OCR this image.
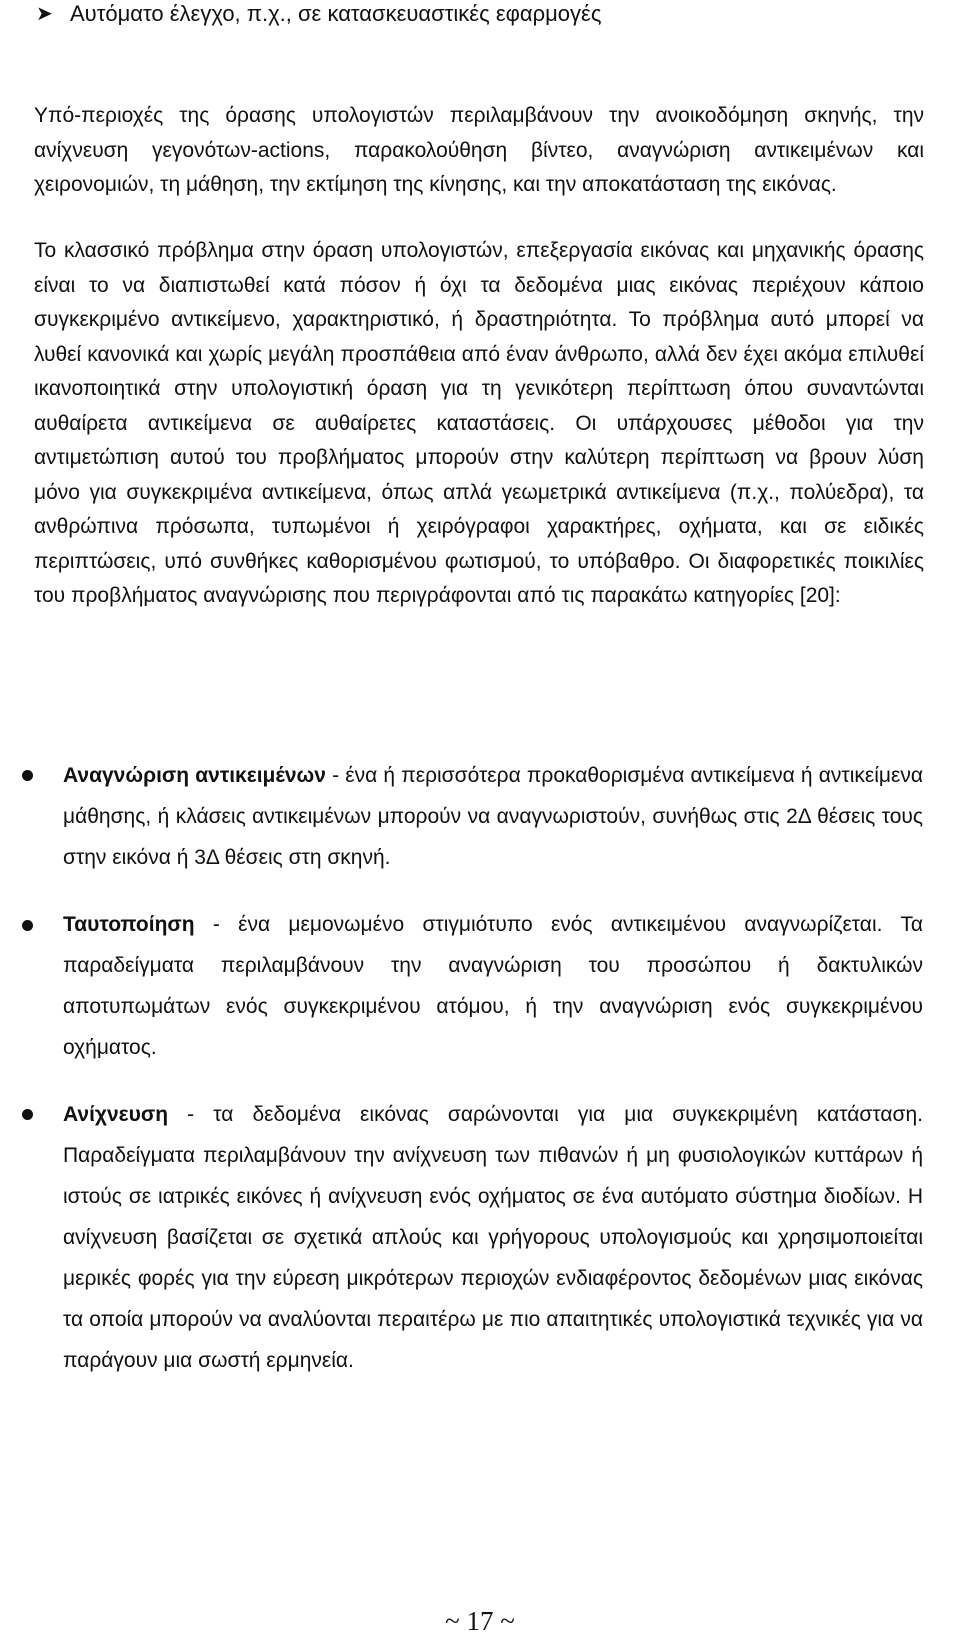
➤ Αυτόματο έλεγχο, π.χ., σε κατασκευαστικές εφαρμογές

Υπό-περιοχές της όρασης υπολογιστών περιλαμβάνουν την ανοικοδόμηση σκηνής, την ανίχνευση γεγονότων-actions, παρακολούθηση βίντεο, αναγνώριση αντικειμένων και χειρονομιών, τη μάθηση, την εκτίμηση της κίνησης, και την αποκατάσταση της εικόνας.

Το κλασσικό πρόβλημα στην όραση υπολογιστών, επεξεργασία εικόνας και μηχανικής όρασης είναι το να διαπιστωθεί κατά πόσον ή όχι τα δεδομένα μιας εικόνας περιέχουν κάποιο συγκεκριμένο αντικείμενο, χαρακτηριστικό, ή δραστηριότητα. Το πρόβλημα αυτό μπορεί να λυθεί κανονικά και χωρίς μεγάλη προσπάθεια από έναν άνθρωπο, αλλά δεν έχει ακόμα επιλυθεί ικανοποιητικά στην υπολογιστική όραση για τη γενικότερη περίπτωση όπου συναντώνται αυθαίρετα αντικείμενα σε αυθαίρετες καταστάσεις. Οι υπάρχουσες μέθοδοι για την αντιμετώπιση αυτού του προβλήματος μπορούν στην καλύτερη περίπτωση να βρουν λύση μόνο για συγκεκριμένα αντικείμενα, όπως απλά γεωμετρικά αντικείμενα (π.χ., πολύεδρα), τα ανθρώπινα πρόσωπα, τυπωμένοι ή χειρόγραφοι χαρακτήρες, οχήματα, και σε ειδικές περιπτώσεις, υπό συνθήκες καθορισμένου φωτισμού, το υπόβαθρο. Οι διαφορετικές ποικιλίες του προβλήματος αναγνώρισης που περιγράφονται από τις παρακάτω κατηγορίες [20]:

Αναγνώριση αντικειμένων - ένα ή περισσότερα προκαθορισμένα αντικείμενα ή αντικείμενα μάθησης, ή κλάσεις αντικειμένων μπορούν να αναγνωριστούν, συνήθως στις 2Δ θέσεις τους στην εικόνα ή 3Δ θέσεις στη σκηνή.

Ταυτοποίηση - ένα μεμονωμένο στιγμιότυπο ενός αντικειμένου αναγνωρίζεται. Τα παραδείγματα περιλαμβάνουν την αναγνώριση του προσώπου ή δακτυλικών αποτυπωμάτων ενός συγκεκριμένου ατόμου, ή την αναγνώριση ενός συγκεκριμένου οχήματος.

Ανίχνευση - τα δεδομένα εικόνας σαρώνονται για μια συγκεκριμένη κατάσταση. Παραδείγματα περιλαμβάνουν την ανίχνευση των πιθανών ή μη φυσιολογικών κυττάρων ή ιστούς σε ιατρικές εικόνες ή ανίχνευση ενός οχήματος σε ένα αυτόματο σύστημα διοδίων. Η ανίχνευση βασίζεται σε σχετικά απλούς και γρήγορους υπολογισμούς και χρησιμοποιείται μερικές φορές για την εύρεση μικρότερων περιοχών ενδιαφέροντος δεδομένων μιας εικόνας τα οποία μπορούν να αναλύονται περαιτέρω με πιο απαιτητικές υπολογιστικά τεχνικές για να παράγουν μια σωστή ερμηνεία.

~ 17 ~
